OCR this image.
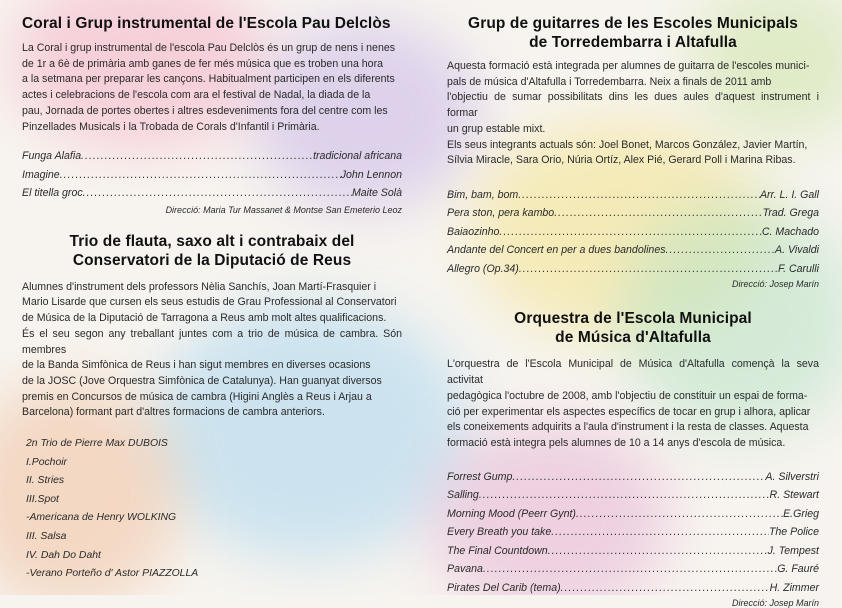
Coral i Grup instrumental de l'Escola Pau Delclòs

La Coral i grup instrumental de l'escola Pau Delclòs és un grup de nens i nenes
de 1r a 6è de primària amb ganes de fer més música que es troben una hora
a la setmana per preparar les cançons. Habitualment participen en els diferents
actes i celebracions de l'escola com ara el festival de Nadal, la diada de la
pau, Jornada de portes obertes i altres esdeveniments fora del centre com les
Pinzellades Musicals i la Trobada de Corals d'Infantil i Primària.

Funga Alafia .....	tradicional africana
Imagine .....	John Lennon
El titella groc .....	Maite Solà
Direcció: Maria Tur Massanet & Montse San Emeterio Leoz
Trio de flauta, saxo alt i contrabaix del
Conservatori de la Diputació de Reus

Alumnes d'instrument dels professors Nèlia Sanchís, Joan Martí-Frasquier i
Mario Lisarde que cursen els seus estudis de Grau Professional al Conservatori
de Música de la Diputació de Tarragona a Reus amb molt altes qualificacions.
És el seu segon any treballant juntes com a trio de música de cambra. Són membres
de la Banda Simfònica de Reus i han sigut membres en diverses ocasions
de la JOSC (Jove Orquestra Simfònica de Catalunya). Han guanyat diversos
premis en Concursos de música de cambra (Higini Anglès a Reus i Arjau a
Barcelona) formant part d'altres formacions de cambra anteriors.

2n Trio de Pierre Max DUBOIS
I.Pochoir
II. Stries
III.Spot
-Americana de Henry WOLKING
III. Salsa
IV. Dah Do Daht
-Verano Porteño d' Astor PIAZZOLLA
Grup de guitarres de les Escoles Municipals
de Torredembarra i Altafulla

Aquesta formació està integrada per alumnes de guitarra de l'escoles munici-
pals de música d'Altafulla i Torredembarra. Neix a finals de 2011 amb
l'objectiu de sumar possibilitats dins les dues aules d'aquest instrument i formar
un grup estable mixt.
Els seus integrants actuals són: Joel Bonet, Marcos González, Javier Martín,
Sílvia Miracle, Sara Orio, Núria Ortíz, Alex Pié, Gerard Poll i Marina Ribas.

Bim, bam, bom .....	Arr. L. I. Gall
Pera ston, pera kambo .....	Trad. Grega
Baiaozinho .....	C. Machado
Andante del Concert en per a dues bandolines .....	A. Vivaldi
Allegro (Op.34) .....	F. Carulli
Direcció: Josep Marín
Orquestra de l'Escola Municipal
de Música d'Altafulla

L'orquestra de l'Escola Municipal de Música d'Altafulla començà la seva activitat
pedagògica l'octubre de 2008, amb l'objectiu de constituir un espai de forma-
ció per experimentar els aspectes específics de tocar en grup i alhora, aplicar
els coneixements adquirits a l'aula d'instrument i la resta de classes. Aquesta
formació està integra pels alumnes de 10 a 14 anys d'escola de música.

Forrest Gump .....	A. Silverstri
Salling .....	R. Stewart
Morning Mood (Peerr Gynt) .....	E.Grieg
Every Breath you take .....	The Police
The Final Countdown .....	J. Tempest
Pavana .....	G. Fauré
Pirates Del Carib (tema) .....	H. Zimmer
Direcció: Josep Marín
